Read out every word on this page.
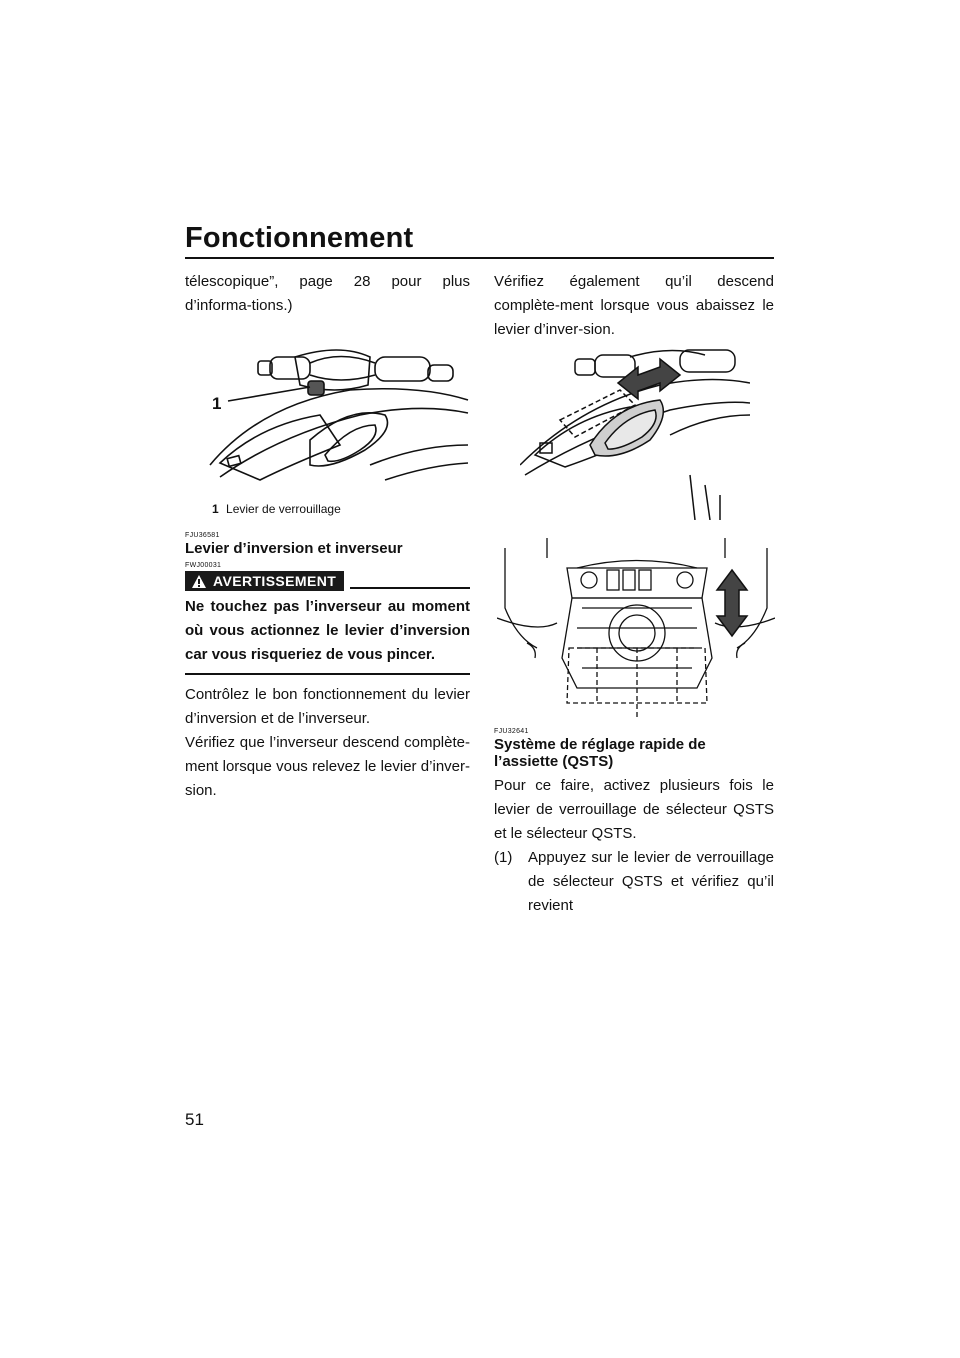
Fonctionnement

télescopique”, page 28 pour plus d’informa-tions.)

1
1 Levier de verrouillage

FJU36581

Levier d’inversion et inverseur

FWJ00031

AVERTISSEMENT

Ne touchez pas l’inverseur au moment où vous actionnez le levier d’inversion car vous risqueriez de vous pincer.

Contrôlez le bon fonctionnement du levier d’inversion et de l’inverseur.

Vérifiez que l’inverseur descend complète-ment lorsque vous relevez le levier d’inver-sion.

Vérifiez également qu’il descend complète-ment lorsque vous abaissez le levier d’inver-sion.

FJU32641

Système de réglage rapide de l’assiette (QSTS)

Pour ce faire, activez plusieurs fois le levier de verrouillage de sélecteur QSTS et le sélecteur QSTS.

(1)	Appuyez sur le levier de verrouillage de sélecteur QSTS et vérifiez qu’il revient
51
